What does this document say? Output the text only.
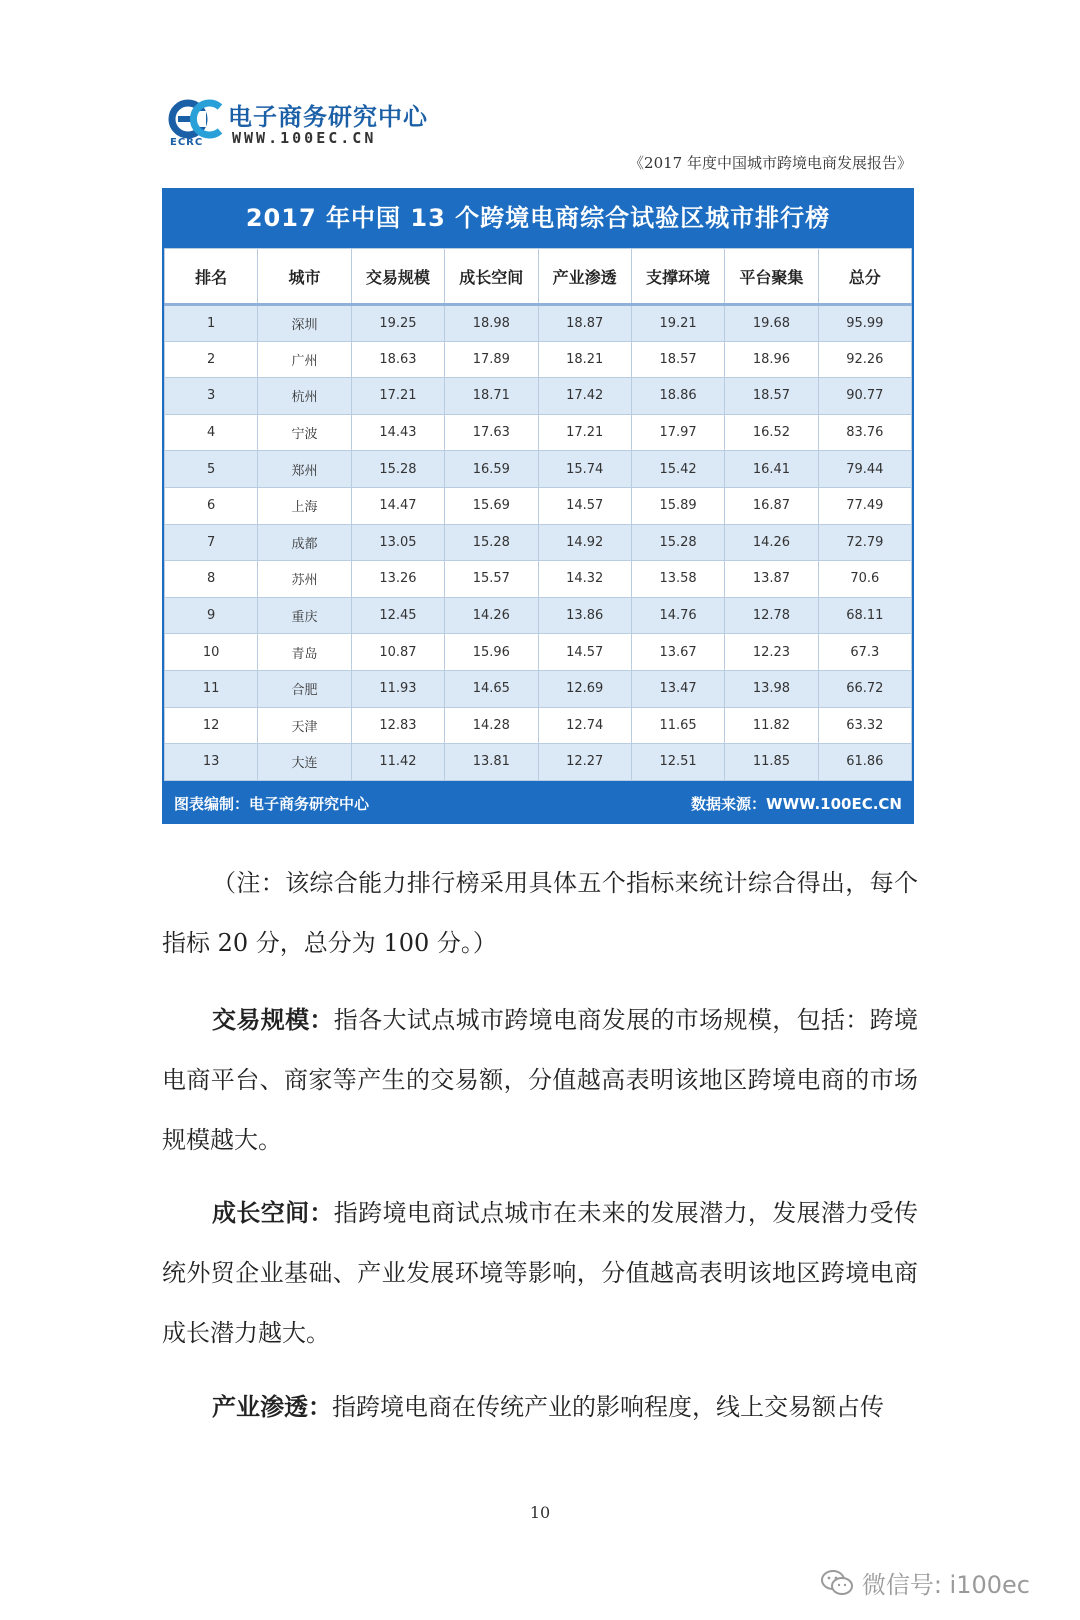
ECRC
电子商务研究中心
WWW.100EC.CN
《2017 年度中国城市跨境电商发展报告》
2017 年中国 13 个跨境电商综合试验区城市排行榜
排名	城市	交易规模	成长空间	产业渗透	支撑环境	平台聚集	总分
1	深圳	19.25	18.98	18.87	19.21	19.68	95.99
2	广州	18.63	17.89	18.21	18.57	18.96	92.26
3	杭州	17.21	18.71	17.42	18.86	18.57	90.77
4	宁波	14.43	17.63	17.21	17.97	16.52	83.76
5	郑州	15.28	16.59	15.74	15.42	16.41	79.44
6	上海	14.47	15.69	14.57	15.89	16.87	77.49
7	成都	13.05	15.28	14.92	15.28	14.26	72.79
8	苏州	13.26	15.57	14.32	13.58	13.87	70.6
9	重庆	12.45	14.26	13.86	14.76	12.78	68.11
10	青岛	10.87	15.96	14.57	13.67	12.23	67.3
11	合肥	11.93	14.65	12.69	13.47	13.98	66.72
12	天津	12.83	14.28	12.74	11.65	11.82	63.32
13	大连	11.42	13.81	12.27	12.51	11.85	61.86
图表编制：电子商务研究中心	数据来源：WWW.100EC.CN
（注：该综合能力排行榜采用具体五个指标来统计综合得出，每个指标 20 分，总分为 100 分。）
交易规模：指各大试点城市跨境电商发展的市场规模，包括：跨境电商平台、商家等产生的交易额，分值越高表明该地区跨境电商的市场规模越大。
成长空间：指跨境电商试点城市在未来的发展潜力，发展潜力受传统外贸企业基础、产业发展环境等影响，分值越高表明该地区跨境电商成长潜力越大。
产业渗透：指跨境电商在传统产业的影响程度，线上交易额占传
10
微信号: i100ec
